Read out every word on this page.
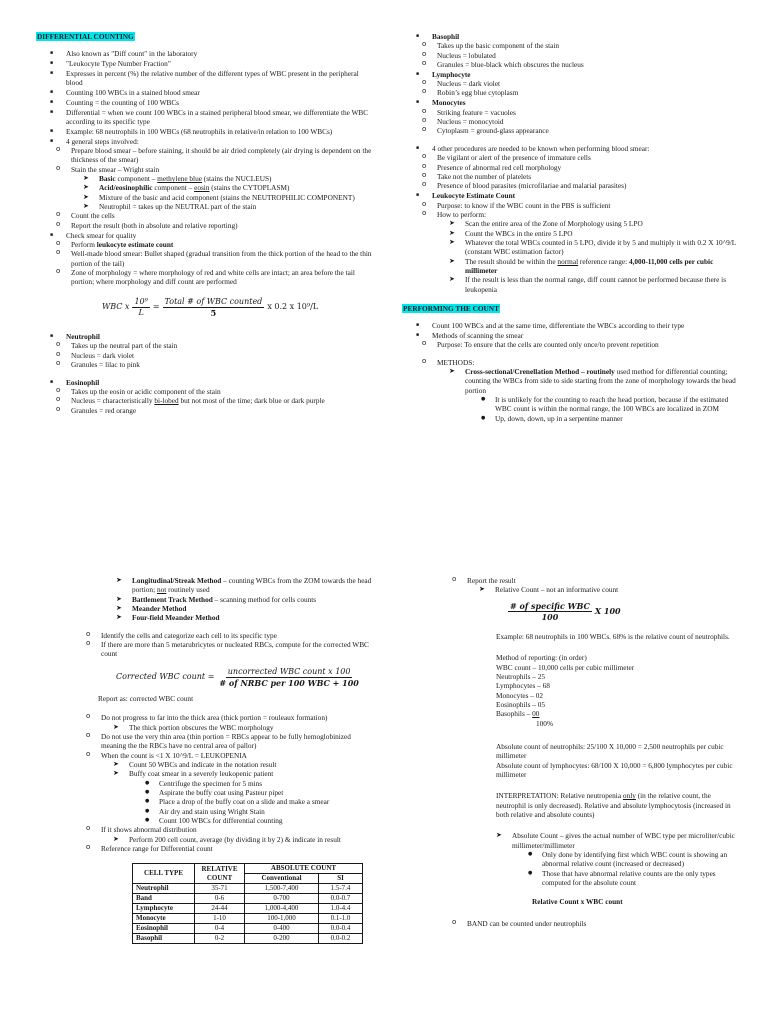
DIFFERENTIAL COUNTING
■ Also known as "Diff count" in the laboratory
■ "Leukocyte Type Number Fraction"
■ Expresses in percent (%) the relative number of the different types of WBC present in the peripheral blood
■ Counting 100 WBCs in a stained blood smear
■ Counting = the counting of 100 WBCs
■ Differential = when we count 100 WBCs in a stained peripheral blood smear, we differentiate the WBC according to its specific type
■ Example: 68 neutrophils in 100 WBCs (68 neutrophils in relative/in relation to 100 WBCs)
■ 4 general steps involved:
o Prepare blood smear – before staining, it should be air dried completely (air drying is dependent on the thickness of the smear)
o Stain the smear – Wright stain
➤ Basic component – methylene blue (stains the NUCLEUS)
➤ Acid/eosinophilic component – eosin (stains the CYTOPLASM)
➤ Mixture of the basic and acid component (stains the NEUTROPHILIC COMPONENT)
➤ Neutrophil = takes up the NEUTRAL part of the stain
o Count the cells
o Report the result (both in absolute and relative reporting)
■ Check smear for quality
o Perform leukocyte estimate count
o Well-made blood smear: Bullet shaped (gradual transition from the thick portion of the head to the thin portion of the tail)
o Zone of morphology = where morphology of red and white cells are intact; an area before the tail portion; where morphology and diff count are performed
WBC x $\frac{\text{10⁹}}{L} = \frac{\text{Total \# of WBC counted}}{5}$ x 0.2 x 10⁹/L
■ Neutrophil
o Takes up the neutral part of the stain
o Nucleus = dark violet
o Granules = lilac to pink
■ Eosinophil
o Takes up the eosin or acidic component of the stain
o Nucleus = characteristically bi-lobed but not most of the time; dark blue or dark purple
o Granules = red orange
■ Basophil
o Takes up the basic component of the stain
o Nucleus = lobulated
o Granules = blue-black which obscures the nucleus
■ Lymphocyte
o Nucleus = dark violet
o Robin’s egg blue cytoplasm
■ Monocytes
o Striking feature = vacuoles
o Nucleus = monocytoid
o Cytoplasm = ground-glass appearance
■ 4 other procedures are needed to be known when performing blood smear:
o Be vigilant or alert of the presence of immature cells
o Presence of abnormal red cell morphology
o Take not the number of platelets
o Presence of blood parasites (microfilariae and malarial parasites)
■ Leukocyte Estimate Count
o Purpose: to know if the WBC count in the PBS is sufficient
o How to perform:
➤ Scan the entire area of the Zone of Morphology using 5 LPO
➤ Count the WBCs in the entire 5 LPO
➤ Whatever the total WBCs counted in 5 LPO, divide it by 5 and multiply it with 0.2 X 10^9/L (constant WBC estimation factor)
➤ The result should be within the normal reference range: 4,000-11,000 cells per cubic millimeter
➤ If the result is less than the normal range, diff count cannot be performed because there is leukopenia
PERFORMING THE COUNT
■ Count 100 WBCs and at the same time, differentiate the WBCs according to their type
■ Methods of scanning the smear
o Purpose: To ensure that the cells are counted only once/to prevent repetition
o METHODS:
➤ Cross-sectional/Crenellation Method – routinely used method for differential counting; counting the WBCs from side to side starting from the zone of morphology towards the head portion
● It is unlikely for the counting to reach the head portion, because if the estimated WBC count is within the normal range, the 100 WBCs are localized in ZOM
● Up, down, down, up in a serpentine manner
➤ Longitudinal/Streak Method – counting WBCs from the ZOM towards the head portion; not routinely used
➤ Battlement Track Method – scanning method for cells counts
➤ Meander Method
➤ Four-field Meander Method
o Identify the cells and categorize each cell to its specific type
o If there are more than 5 metarubricytes or nucleated RBCs, compute for the corrected WBC count
Corrected WBC count = $\frac{\text{uncorrected WBC count x 100}}{\text{\# of NRBC per 100 WBC + 100}}$
Report as: corrected WBC count
o Do not progress to far into the thick area (thick portion = rouleaux formation)
➤ The thick portion obscures the WBC morphology
o Do not use the very thin area (thin portion = RBCs appear to be fully hemoglobinized meaning the the RBCs have no central area of pallor)
o When the count is <1 X 10^9/L = LEUKOPENIA
➤ Count 50 WBCs and indicate in the notation result
➤ Buffy coat smear in a severely leukopenic patient
● Centrifuge the specimen for 5 mins
● Aspirate the buffy coat using Pasteur pipet
● Place a drop of the buffy coat on a slide and make a smear
● Air dry and stain using Wright Stain
● Count 100 WBCs for differential counting
o If it shows abnormal distribution
➤ Perform 200 cell count, average (by dividing it by 2) & indicate in result
o Reference range for Differential count
CELL TYPE	RELATIVE COUNT	ABSOLUTE COUNT	
		Conventional	SI
Neutrophil	35-71	1,500-7,400	1.5-7.4
Band	0-6	0-700	0.0-0.7
Lymphocyte	24-44	1,000-4,400	1.0-4.4
Monocyte	1-10	100-1,000	0.1-1.0
Eosinophil	0-4	0-400	0.0-0.4
Basophil	0-2	0-200	0.0-0.2
o Report the result
➤ Relative Count – not an informative count
$\frac{\text{\# of specific WBC}}{100}$ X 100
Example: 68 neutrophils in 100 WBCs. 68% is the relative count of neutrophils.
Method of reporting: (in order)
WBC count – 10,000 cells per cubic millimeter
Neutrophils – 25
Lymphocytes – 68
Monocytes – 02
Eosinophils – 05
Basophils – 00
100%
Absolute count of neutrophils: 25/100 X 10,000 = 2,500 neutrophils per cubic millimeter
Absolute count of lymphocytes: 68/100 X 10,000 = 6,800 lymphocytes per cubic millimeter
INTERPRETATION: Relative neutropenia only (in the relative count, the neutrophil is only decreased). Relative and absolute lymphocytosis (increased in both relative and absolute counts)
➤ Absolute Count – gives the actual number of WBC type per microliter/cubic millimeter/millimeter
● Only done by identifying first which WBC count is showing an abnormal relative count (increased or decreased)
● Those that have abnormal relative counts are the only types computed for the absolute count
Relative Count x WBC count
o BAND can be counted under neutrophils
